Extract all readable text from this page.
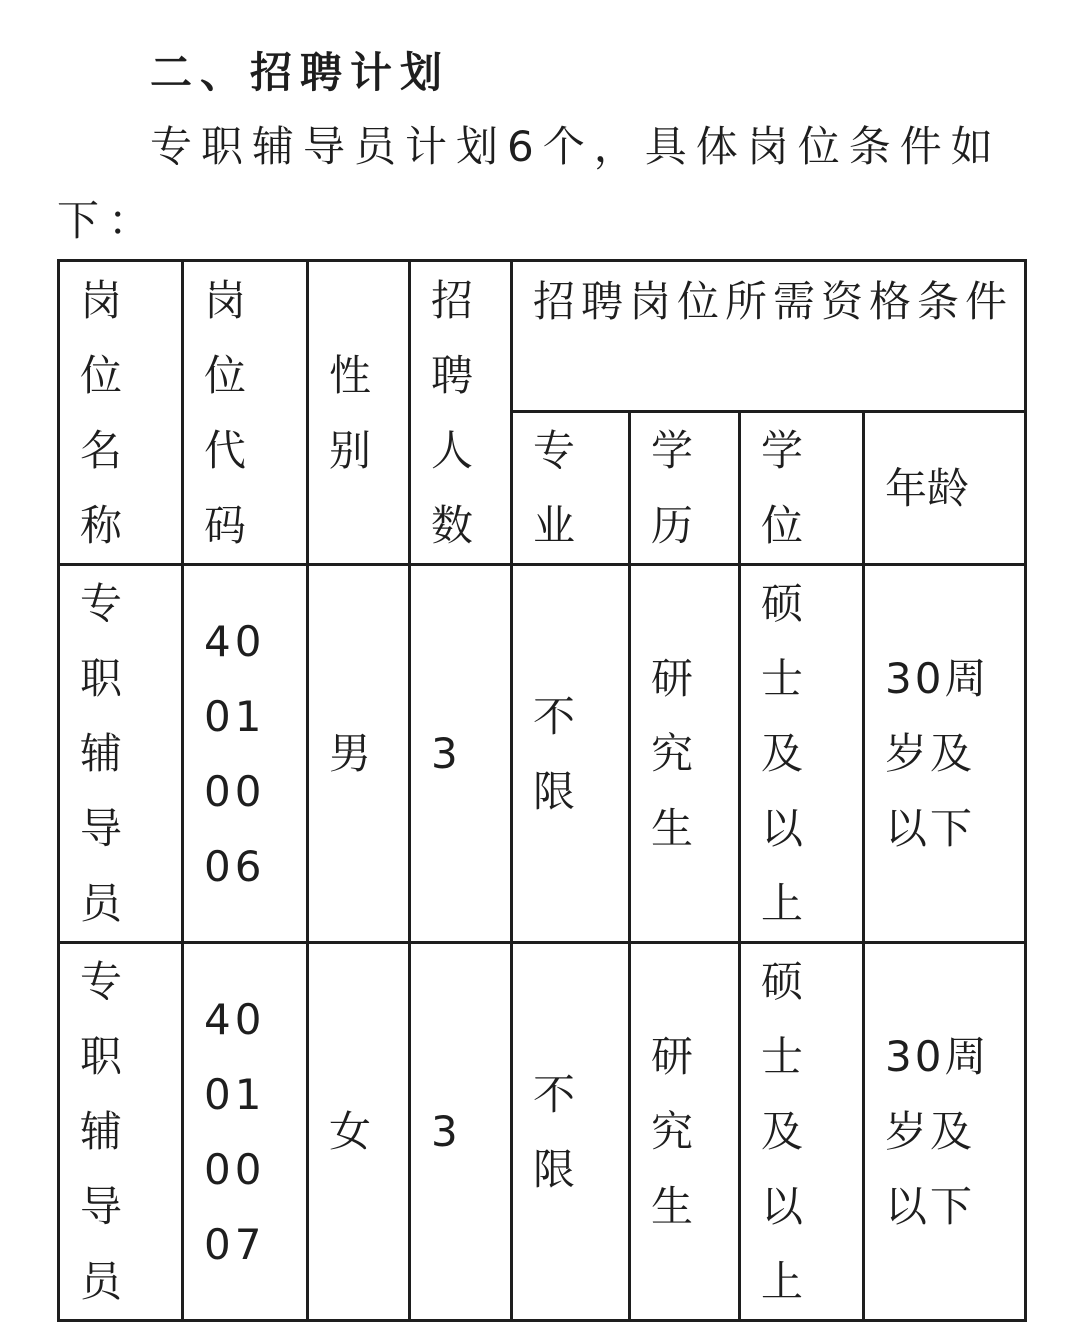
二、招聘计划
专职辅导员计划6个，具体岗位条件如下：
岗位名称	岗位代码	性别	招聘人数	招聘岗位所需资格条件			
				专业	学历	学位	年龄
专职辅导员	40010006	男	3	不限	研究生	硕士及以上	30周岁及以下
专职辅导员	40010007	女	3	不限	研究生	硕士及以上	30周岁及以下
